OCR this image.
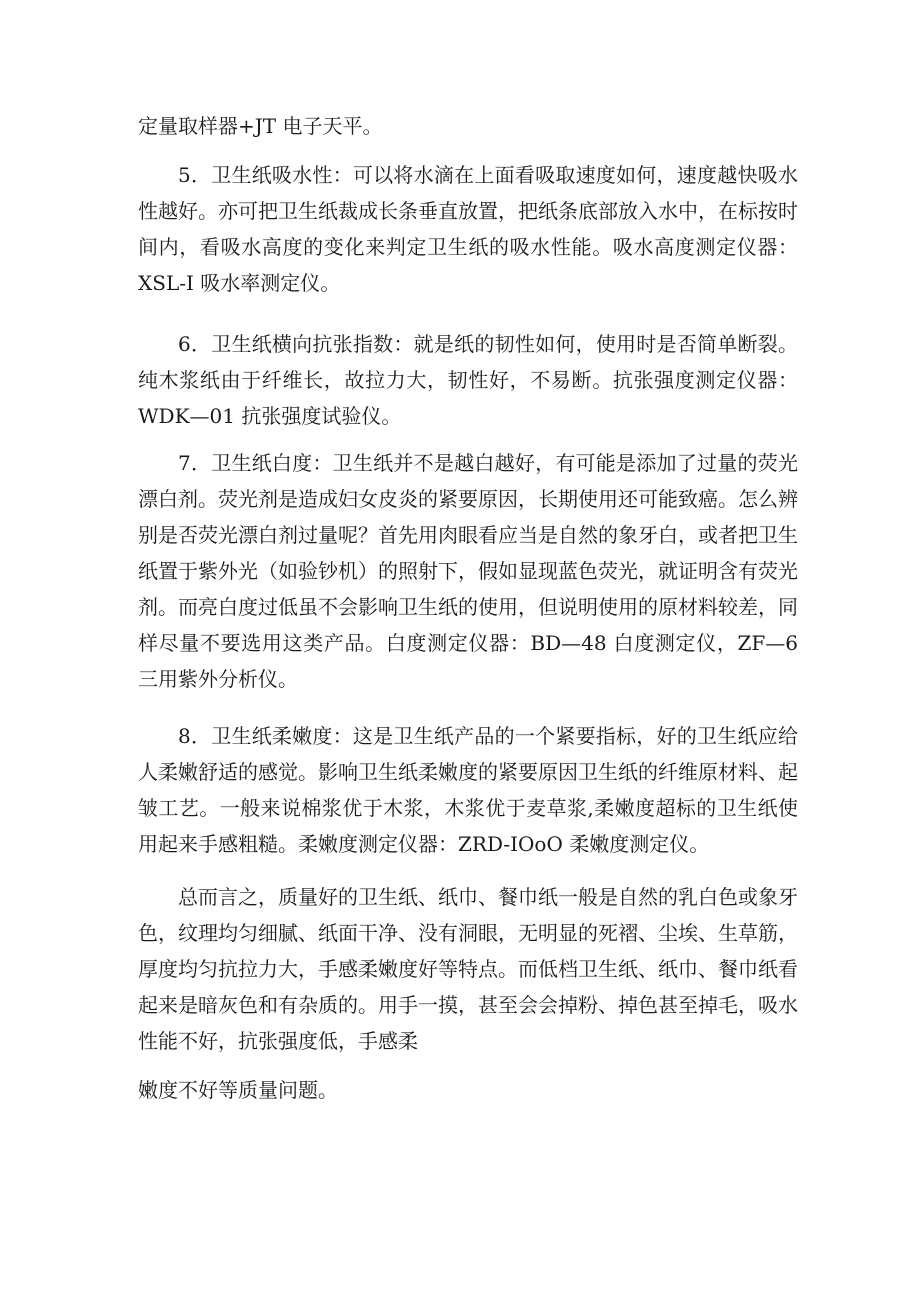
定量取样器+JT 电子天平。

5．卫生纸吸水性：可以将水滴在上面看吸取速度如何，速度越快吸水性越好。亦可把卫生纸裁成长条垂直放置，把纸条底部放入水中，在标按时间内，看吸水高度的变化来判定卫生纸的吸水性能。吸水高度测定仪器：XSL-I 吸水率测定仪。

6．卫生纸横向抗张指数：就是纸的韧性如何，使用时是否简单断裂。纯木浆纸由于纤维长，故拉力大，韧性好，不易断。抗张强度测定仪器：WDK—01 抗张强度试验仪。

7．卫生纸白度：卫生纸并不是越白越好，有可能是添加了过量的荧光漂白剂。荧光剂是造成妇女皮炎的紧要原因，长期使用还可能致癌。怎么辨别是否荧光漂白剂过量呢？首先用肉眼看应当是自然的象牙白，或者把卫生纸置于紫外光（如验钞机）的照射下，假如显现蓝色荧光，就证明含有荧光剂。而亮白度过低虽不会影响卫生纸的使用，但说明使用的原材料较差，同样尽量不要选用这类产品。白度测定仪器：BD—48 白度测定仪，ZF—6 三用紫外分析仪。

8．卫生纸柔嫩度：这是卫生纸产品的一个紧要指标，好的卫生纸应给人柔嫩舒适的感觉。影响卫生纸柔嫩度的紧要原因卫生纸的纤维原材料、起皱工艺。一般来说棉浆优于木浆，木浆优于麦草浆,柔嫩度超标的卫生纸使用起来手感粗糙。柔嫩度测定仪器：ZRD-IOoO 柔嫩度测定仪。

总而言之，质量好的卫生纸、纸巾、餐巾纸一般是自然的乳白色或象牙色，纹理均匀细腻、纸面干净、没有洞眼，无明显的死褶、尘埃、生草筋，厚度均匀抗拉力大，手感柔嫩度好等特点。而低档卫生纸、纸巾、餐巾纸看起来是暗灰色和有杂质的。用手一摸，甚至会会掉粉、掉色甚至掉毛，吸水性能不好，抗张强度低，手感柔

嫩度不好等质量问题。
